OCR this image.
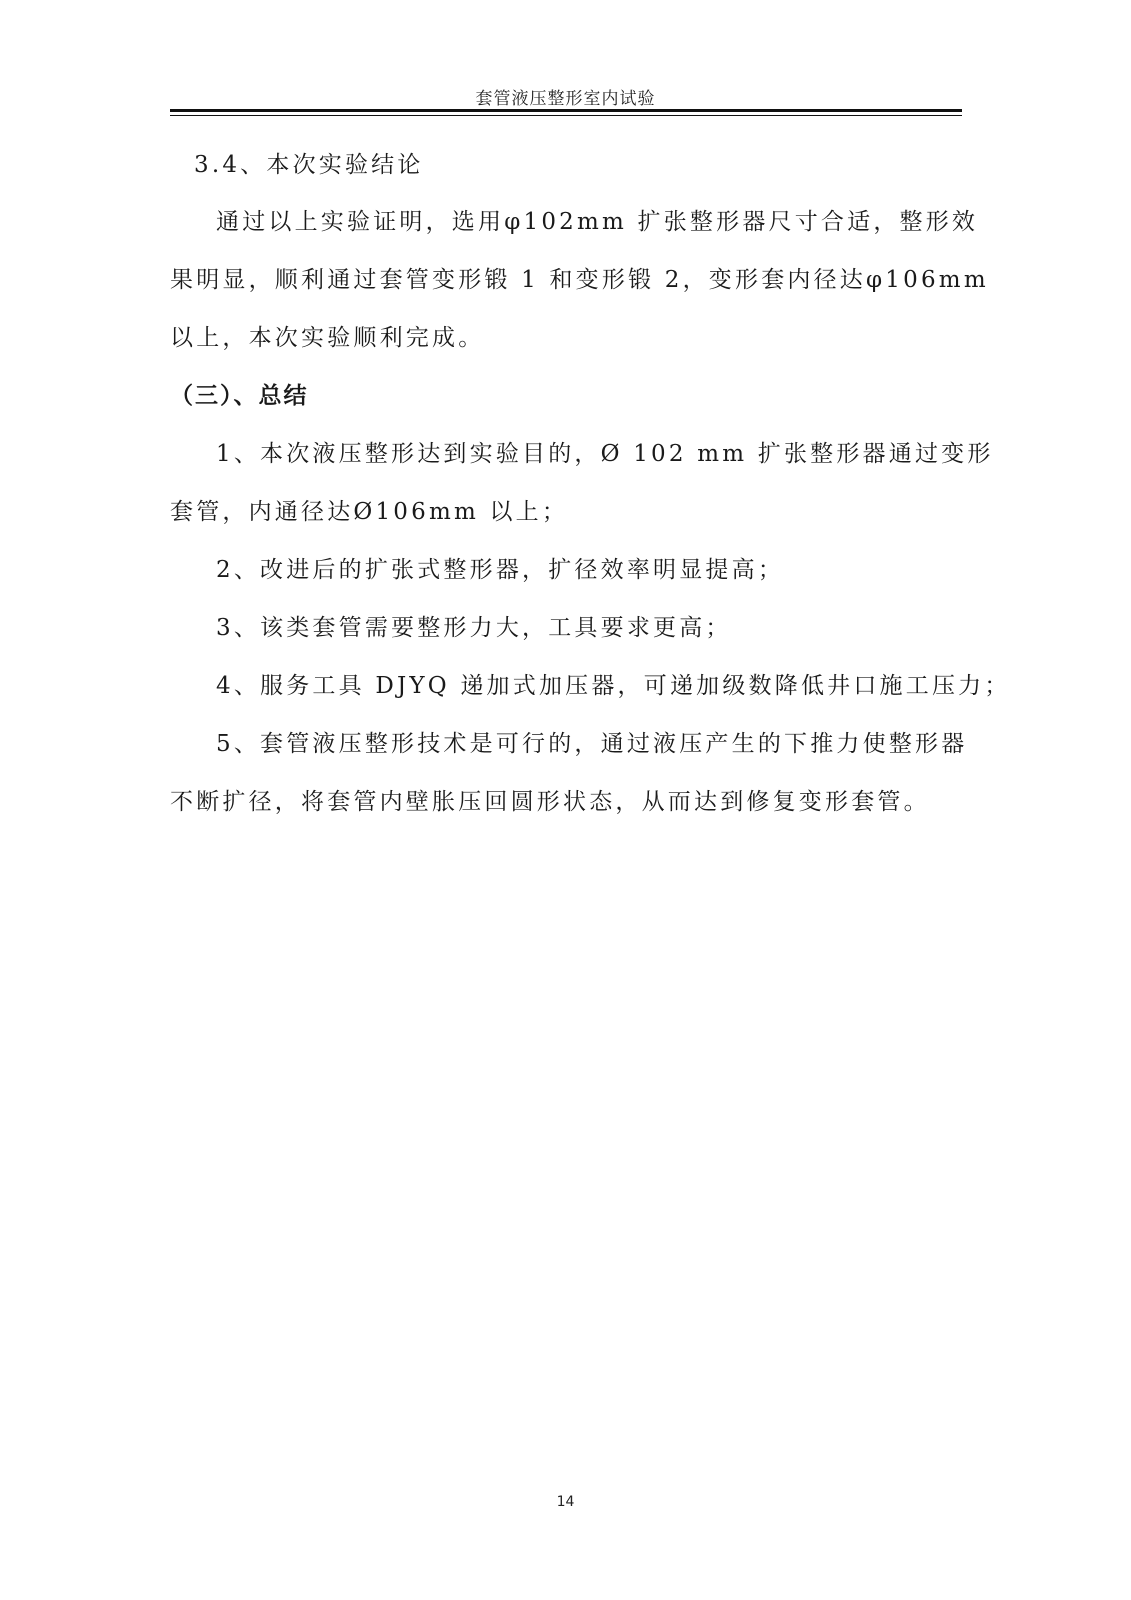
套管液压整形室内试验
3.4、本次实验结论
通过以上实验证明，选用φ102mm 扩张整形器尺寸合适，整形效
果明显，顺利通过套管变形锻 1 和变形锻 2，变形套内径达φ106mm
以上，本次实验顺利完成。
（三）、总结
1、本次液压整形达到实验目的，Ø 102 mm 扩张整形器通过变形
套管，内通径达Ø106mm 以上；
2、改进后的扩张式整形器，扩径效率明显提高；
3、该类套管需要整形力大，工具要求更高；
4、服务工具 DJYQ 递加式加压器，可递加级数降低井口施工压力；
5、套管液压整形技术是可行的，通过液压产生的下推力使整形器
不断扩径，将套管内壁胀压回圆形状态，从而达到修复变形套管。
14
